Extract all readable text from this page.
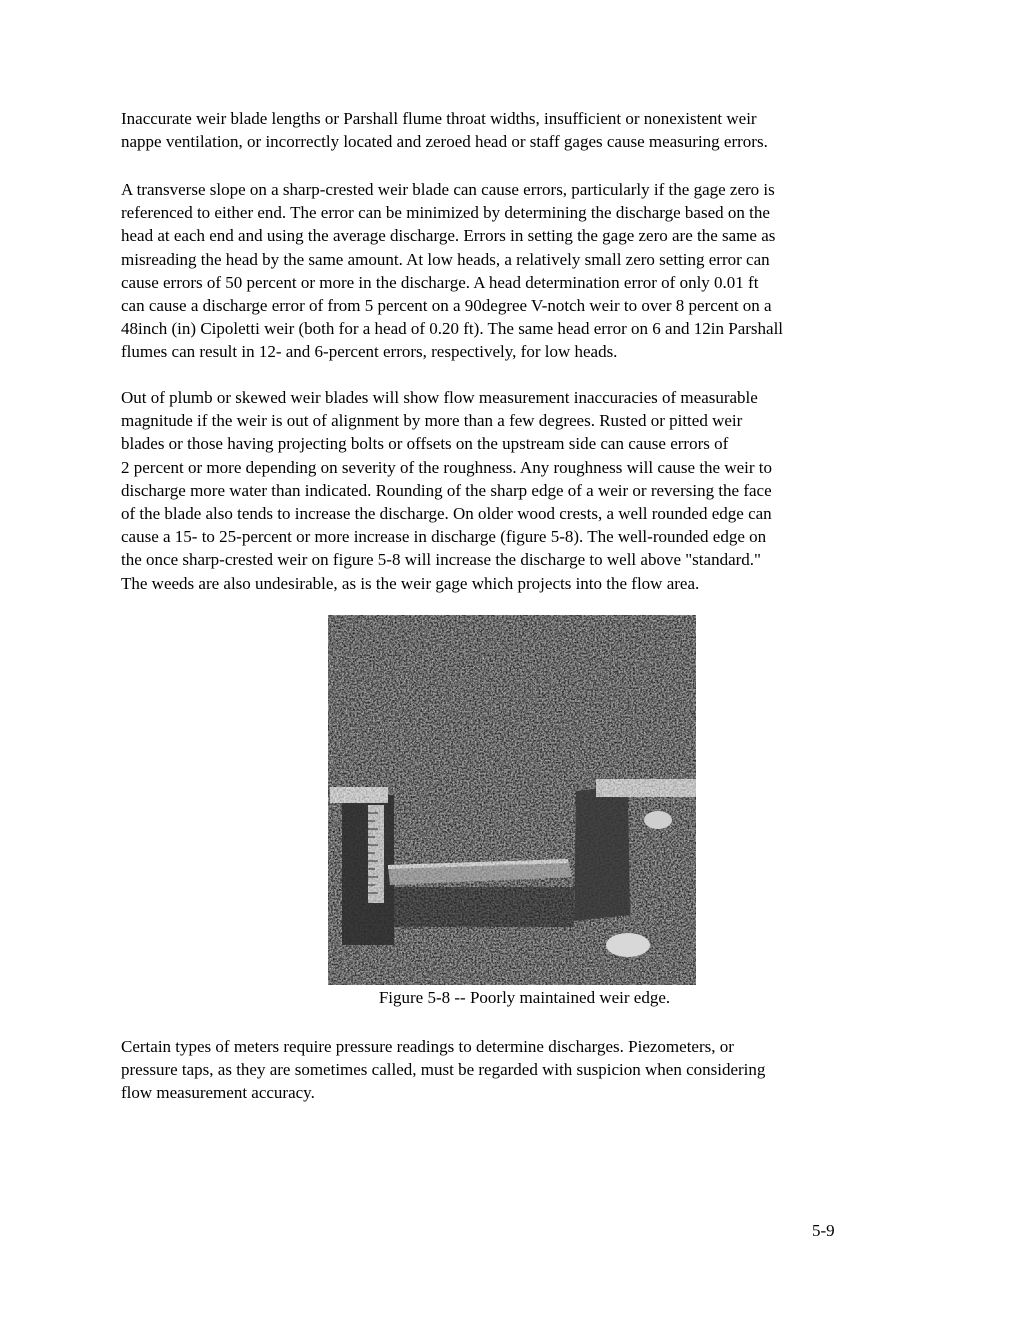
Inaccurate weir blade lengths or Parshall flume throat widths, insufficient or nonexistent weir
nappe ventilation, or incorrectly located and zeroed head or staff gages cause measuring errors.
A transverse slope on a sharp-crested weir blade can cause errors, particularly if the gage zero is
referenced to either end. The error can be minimized by determining the discharge based on the
head at each end and using the average discharge. Errors in setting the gage zero are the same as
misreading the head by the same amount. At low heads, a relatively small zero setting error can
cause errors of 50 percent or more in the discharge. A head determination error of only 0.01 ft
can cause a discharge error of from 5 percent on a 90degree V-notch weir to over 8 percent on a
48inch (in) Cipoletti weir (both for a head of 0.20 ft). The same head error on 6 and 12in Parshall
flumes can result in 12- and 6-percent errors, respectively, for low heads.
Out of plumb or skewed weir blades will show flow measurement inaccuracies of measurable
magnitude if the weir is out of alignment by more than a few degrees. Rusted or pitted weir
blades or those having projecting bolts or offsets on the upstream side can cause errors of
2 percent or more depending on severity of the roughness. Any roughness will cause the weir to
discharge more water than indicated. Rounding of the sharp edge of a weir or reversing the face
of the blade also tends to increase the discharge. On older wood crests, a well rounded edge can
cause a 15- to 25-percent or more increase in discharge (figure 5-8). The well-rounded edge on
the once sharp-crested weir on figure 5-8 will increase the discharge to well above "standard."
The weeds are also undesirable, as is the weir gage which projects into the flow area.
Figure 5-8 -- Poorly maintained weir edge.
Certain types of meters require pressure readings to determine discharges. Piezometers, or
pressure taps, as they are sometimes called, must be regarded with suspicion when considering
flow measurement accuracy.
5-9
